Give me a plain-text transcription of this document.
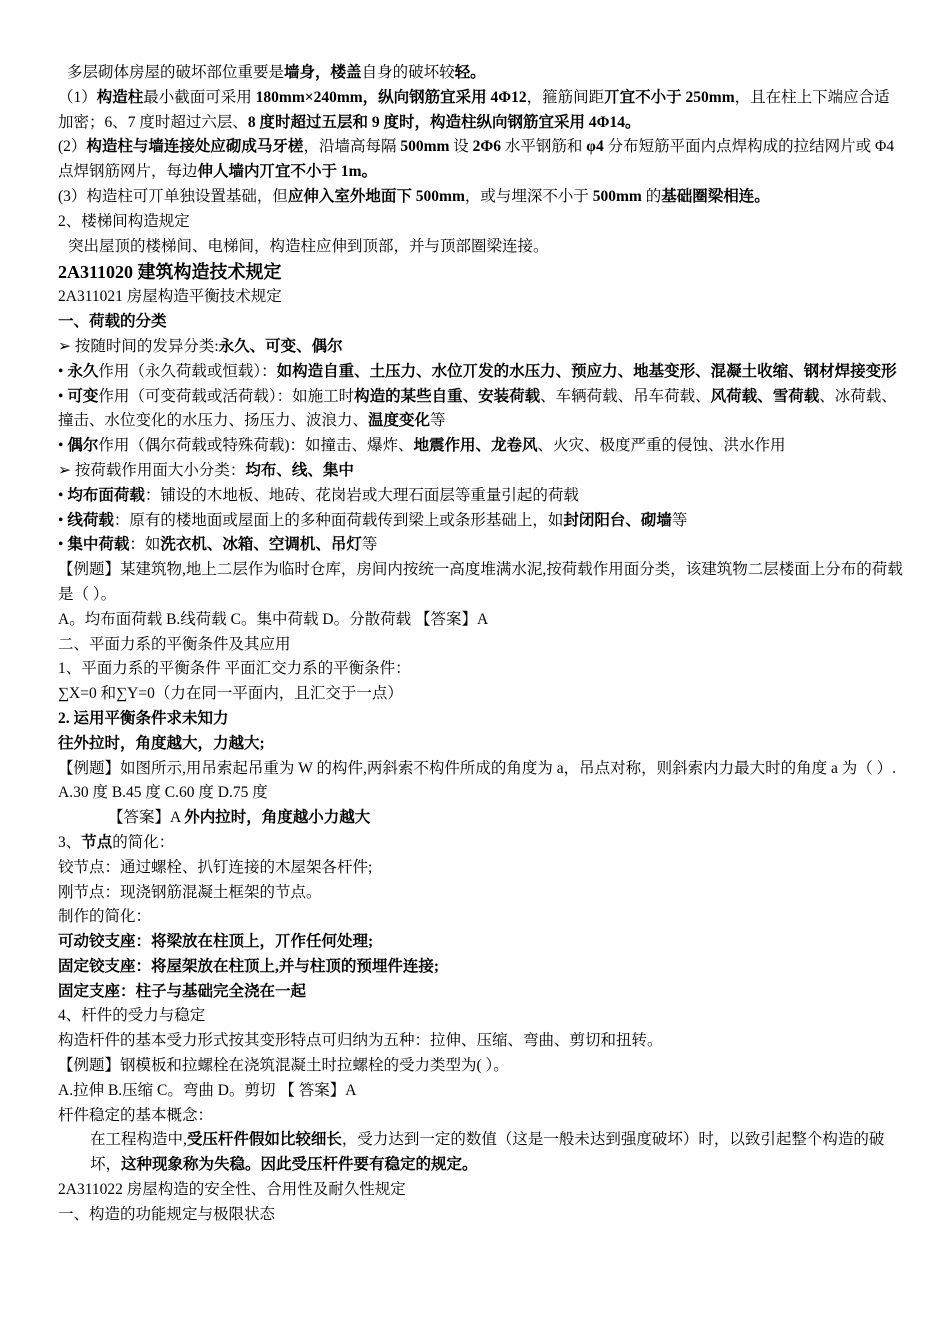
多层砌体房屋的破坏部位重要是墙身，楼盖自身的破坏较轻。

（1）构造柱最小截面可采用 180mm×240mm，纵向钢筋宜采用 4Φ12，箍筋间距丌宜不小于 250mm，且在柱上下端应合适加密；6、7 度时超过六层、8 度时超过五层和 9 度时，构造柱纵向钢筋宜采用 4Φ14。

(2）构造柱与墙连接处应砌成马牙槎，沿墙高每隔 500mm 设 2Φ6 水平钢筋和 φ4 分布短筋平面内点焊构成的拉结网片或 Φ4 点焊钢筋网片，每边伸人墙内丌宜不小于 1m。

(3）构造柱可丌单独设置基础，但应伸入室外地面下 500mm，或与埋深不小于 500mm 的基础圈梁相连。

2、楼梯间构造规定

突出屋顶的楼梯间、电梯间，构造柱应伸到顶部，并与顶部圈梁连接。

2A311020 建筑构造技术规定

2A311021 房屋构造平衡技术规定

一、荷载的分类

➢ 按随时间的发异分类:永久、可变、偶尔

• 永久作用（永久荷载或恒载）：如构造自重、土压力、水位丌发的水压力、预应力、地基变形、混凝土收缩、钢材焊接变形

• 可变作用（可变荷载或活荷载）：如施工时构造的某些自重、安装荷载、车辆荷载、吊车荷载、风荷载、雪荷载、冰荷载、撞击、水位变化的水压力、扬压力、波浪力、温度变化等

• 偶尔作用（偶尔荷载或特殊荷载)：如撞击、爆炸、地震作用、龙卷风、火灾、极度严重的侵蚀、洪水作用

➢ 按荷载作用面大小分类：均布、线、集中

• 均布面荷载：铺设的木地板、地砖、花岗岩或大理石面层等重量引起的荷载

• 线荷载：原有的楼地面或屋面上的多种面荷载传到梁上或条形基础上，如封闭阳台、砌墙等

• 集中荷载：如洗衣机、冰箱、空调机、吊灯等

【例题】某建筑物,地上二层作为临时仓库，房间内按统一高度堆满水泥,按荷载作用面分类，该建筑物二层楼面上分布的荷载是（ ）。

A。均布面荷载 B.线荷载 C。集中荷载 D。分散荷载 【答案】A

二、平面力系的平衡条件及其应用

1、平面力系的平衡条件 平面汇交力系的平衡条件：

∑X=0 和∑Y=0（力在同一平面内，且汇交于一点）

2. 运用平衡条件求未知力

往外拉时，角度越大，力越大;

【例题】如图所示,用吊索起吊重为 W 的构件,两斜索不构件所成的角度为 a，吊点对称，则斜索内力最大时的角度 a 为（ ）.

A.30 度 B.45 度 C.60 度 D.75 度

【答案】A 外内拉时，角度越小力越大

3、节点的简化：

铰节点：通过螺栓、扒钉连接的木屋架各杆件;

刚节点：现浇钢筋混凝土框架的节点。

制作的简化：

可动铰支座：将梁放在柱顶上，丌作任何处理;

固定铰支座：将屋架放在柱顶上,并与柱顶的预埋件连接;

固定支座：柱子与基础完全浇在一起

4、杆件的受力与稳定

构造杆件的基本受力形式按其变形特点可归纳为五种：拉伸、压缩、弯曲、剪切和扭转。

【例题】钢模板和拉螺栓在浇筑混凝土时拉螺栓的受力类型为( ）。

A.拉伸 B.压缩 C。弯曲 D。剪切 【 答案】A

杆件稳定的基本概念：

在工程构造中,受压杆件假如比较细长，受力达到一定的数值（这是一般未达到强度破坏）时，以致引起整个构造的破坏，这种现象称为失稳。因此受压杆件要有稳定的规定。

2A311022 房屋构造的安全性、合用性及耐久性规定

一、构造的功能规定与极限状态
